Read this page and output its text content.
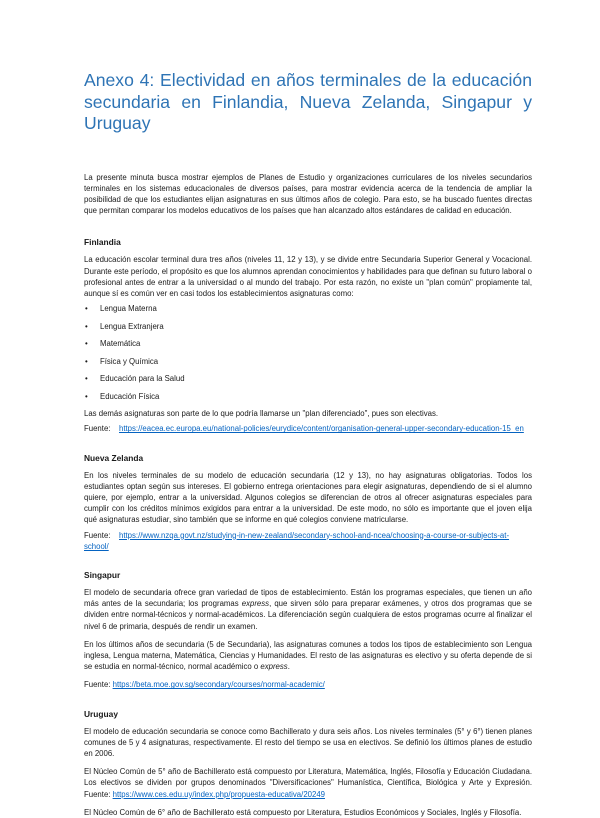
Anexo 4: Electividad en años terminales de la educación secundaria en Finlandia, Nueva Zelanda, Singapur y Uruguay

La presente minuta busca mostrar ejemplos de Planes de Estudio y organizaciones curriculares de los niveles secundarios terminales en los sistemas educacionales de diversos países, para mostrar evidencia acerca de la tendencia de ampliar la posibilidad de que los estudiantes elijan asignaturas en sus últimos años de colegio. Para esto, se ha buscado fuentes directas que permitan comparar los modelos educativos de los países que han alcanzado altos estándares de calidad en educación.

Finlandia

La educación escolar terminal dura tres años (niveles 11, 12 y 13), y se divide entre Secundaria Superior General y Vocacional. Durante este período, el propósito es que los alumnos aprendan conocimientos y habilidades para que definan su futuro laboral o profesional antes de entrar a la universidad o al mundo del trabajo. Por esta razón, no existe un "plan común" propiamente tal, aunque sí es común ver en casi todos los establecimientos asignaturas como:

• Lengua Materna
• Lengua Extranjera
• Matemática
• Física y Química
• Educación para la Salud
• Educación Física

Las demás asignaturas son parte de lo que podría llamarse un "plan diferenciado", pues son electivas.

Fuente: https://eacea.ec.europa.eu/national-policies/eurydice/content/organisation-general-upper-secondary-education-15_en

Nueva Zelanda

En los niveles terminales de su modelo de educación secundaria (12 y 13), no hay asignaturas obligatorias. Todos los estudiantes optan según sus intereses. El gobierno entrega orientaciones para elegir asignaturas, dependiendo de si el alumno quiere, por ejemplo, entrar a la universidad. Algunos colegios se diferencian de otros al ofrecer asignaturas especiales para cumplir con los créditos mínimos exigidos para entrar a la universidad. De este modo, no sólo es importante que el joven elija qué asignaturas estudiar, sino también que se informe en qué colegios conviene matricularse.

Fuente: https://www.nzqa.govt.nz/studying-in-new-zealand/secondary-school-and-ncea/choosing-a-course-or-subjects-at-school/

Singapur

El modelo de secundaria ofrece gran variedad de tipos de establecimiento. Están los programas especiales, que tienen un año más antes de la secundaria; los programas express, que sirven sólo para preparar exámenes, y otros dos programas que se dividen entre normal-técnicos y normal-académicos. La diferenciación según cualquiera de estos programas ocurre al finalizar el nivel 6 de primaria, después de rendir un examen.

En los últimos años de secundaria (5 de Secundaria), las asignaturas comunes a todos los tipos de establecimiento son Lengua inglesa, Lengua materna, Matemática, Ciencias y Humanidades. El resto de las asignaturas es electivo y su oferta depende de si se estudia en normal-técnico, normal académico o express.

Fuente: https://beta.moe.gov.sg/secondary/courses/normal-academic/

Uruguay

El modelo de educación secundaria se conoce como Bachillerato y dura seis años. Los niveles terminales (5° y 6°) tienen planes comunes de 5 y 4 asignaturas, respectivamente. El resto del tiempo se usa en electivos. Se definió los últimos planes de estudio en 2006.

El Núcleo Común de 5° año de Bachillerato está compuesto por Literatura, Matemática, Inglés, Filosofía y Educación Ciudadana. Los electivos se dividen por grupos denominados "Diversificaciones" Humanística, Científica, Biológica y Arte y Expresión. Fuente: https://www.ces.edu.uy/index.php/propuesta-educativa/20249

El Núcleo Común de 6° año de Bachillerato está compuesto por Literatura, Estudios Económicos y Sociales, Inglés y Filosofía.
